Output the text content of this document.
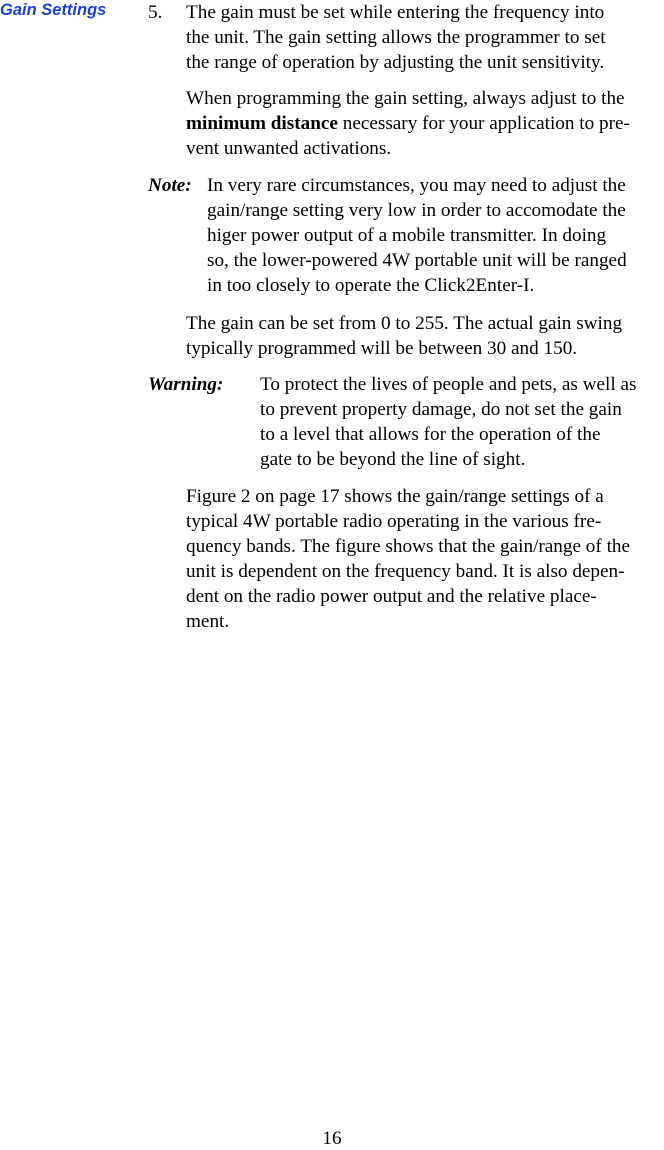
Gain Settings 5.	The gain must be set while entering the frequency into
the unit. The gain setting allows the programmer to set
the range of operation by adjusting the unit sensitivity.
When programming the gain setting, always adjust to the
minimum distance necessary for your application to pre-
vent unwanted activations.
Note: In very rare circumstances, you may need to adjust the
gain/range setting very low in order to accomodate the
higer power output of a mobile transmitter. In doing
so, the lower-powered 4W portable unit will be ranged
in too closely to operate the Click2Enter-I.
The gain can be set from 0 to 255. The actual gain swing
typically programmed will be between 30 and 150.
Warning: To protect the lives of people and pets, as well as
to prevent property damage, do not set the gain
to a level that allows for the operation of the
gate to be beyond the line of sight.
Figure 2 on page 17 shows the gain/range settings of a
typical 4W portable radio operating in the various fre-
quency bands. The figure shows that the gain/range of the
unit is dependent on the frequency band. It is also depen-
dent on the radio power output and the relative place-
ment.
16
